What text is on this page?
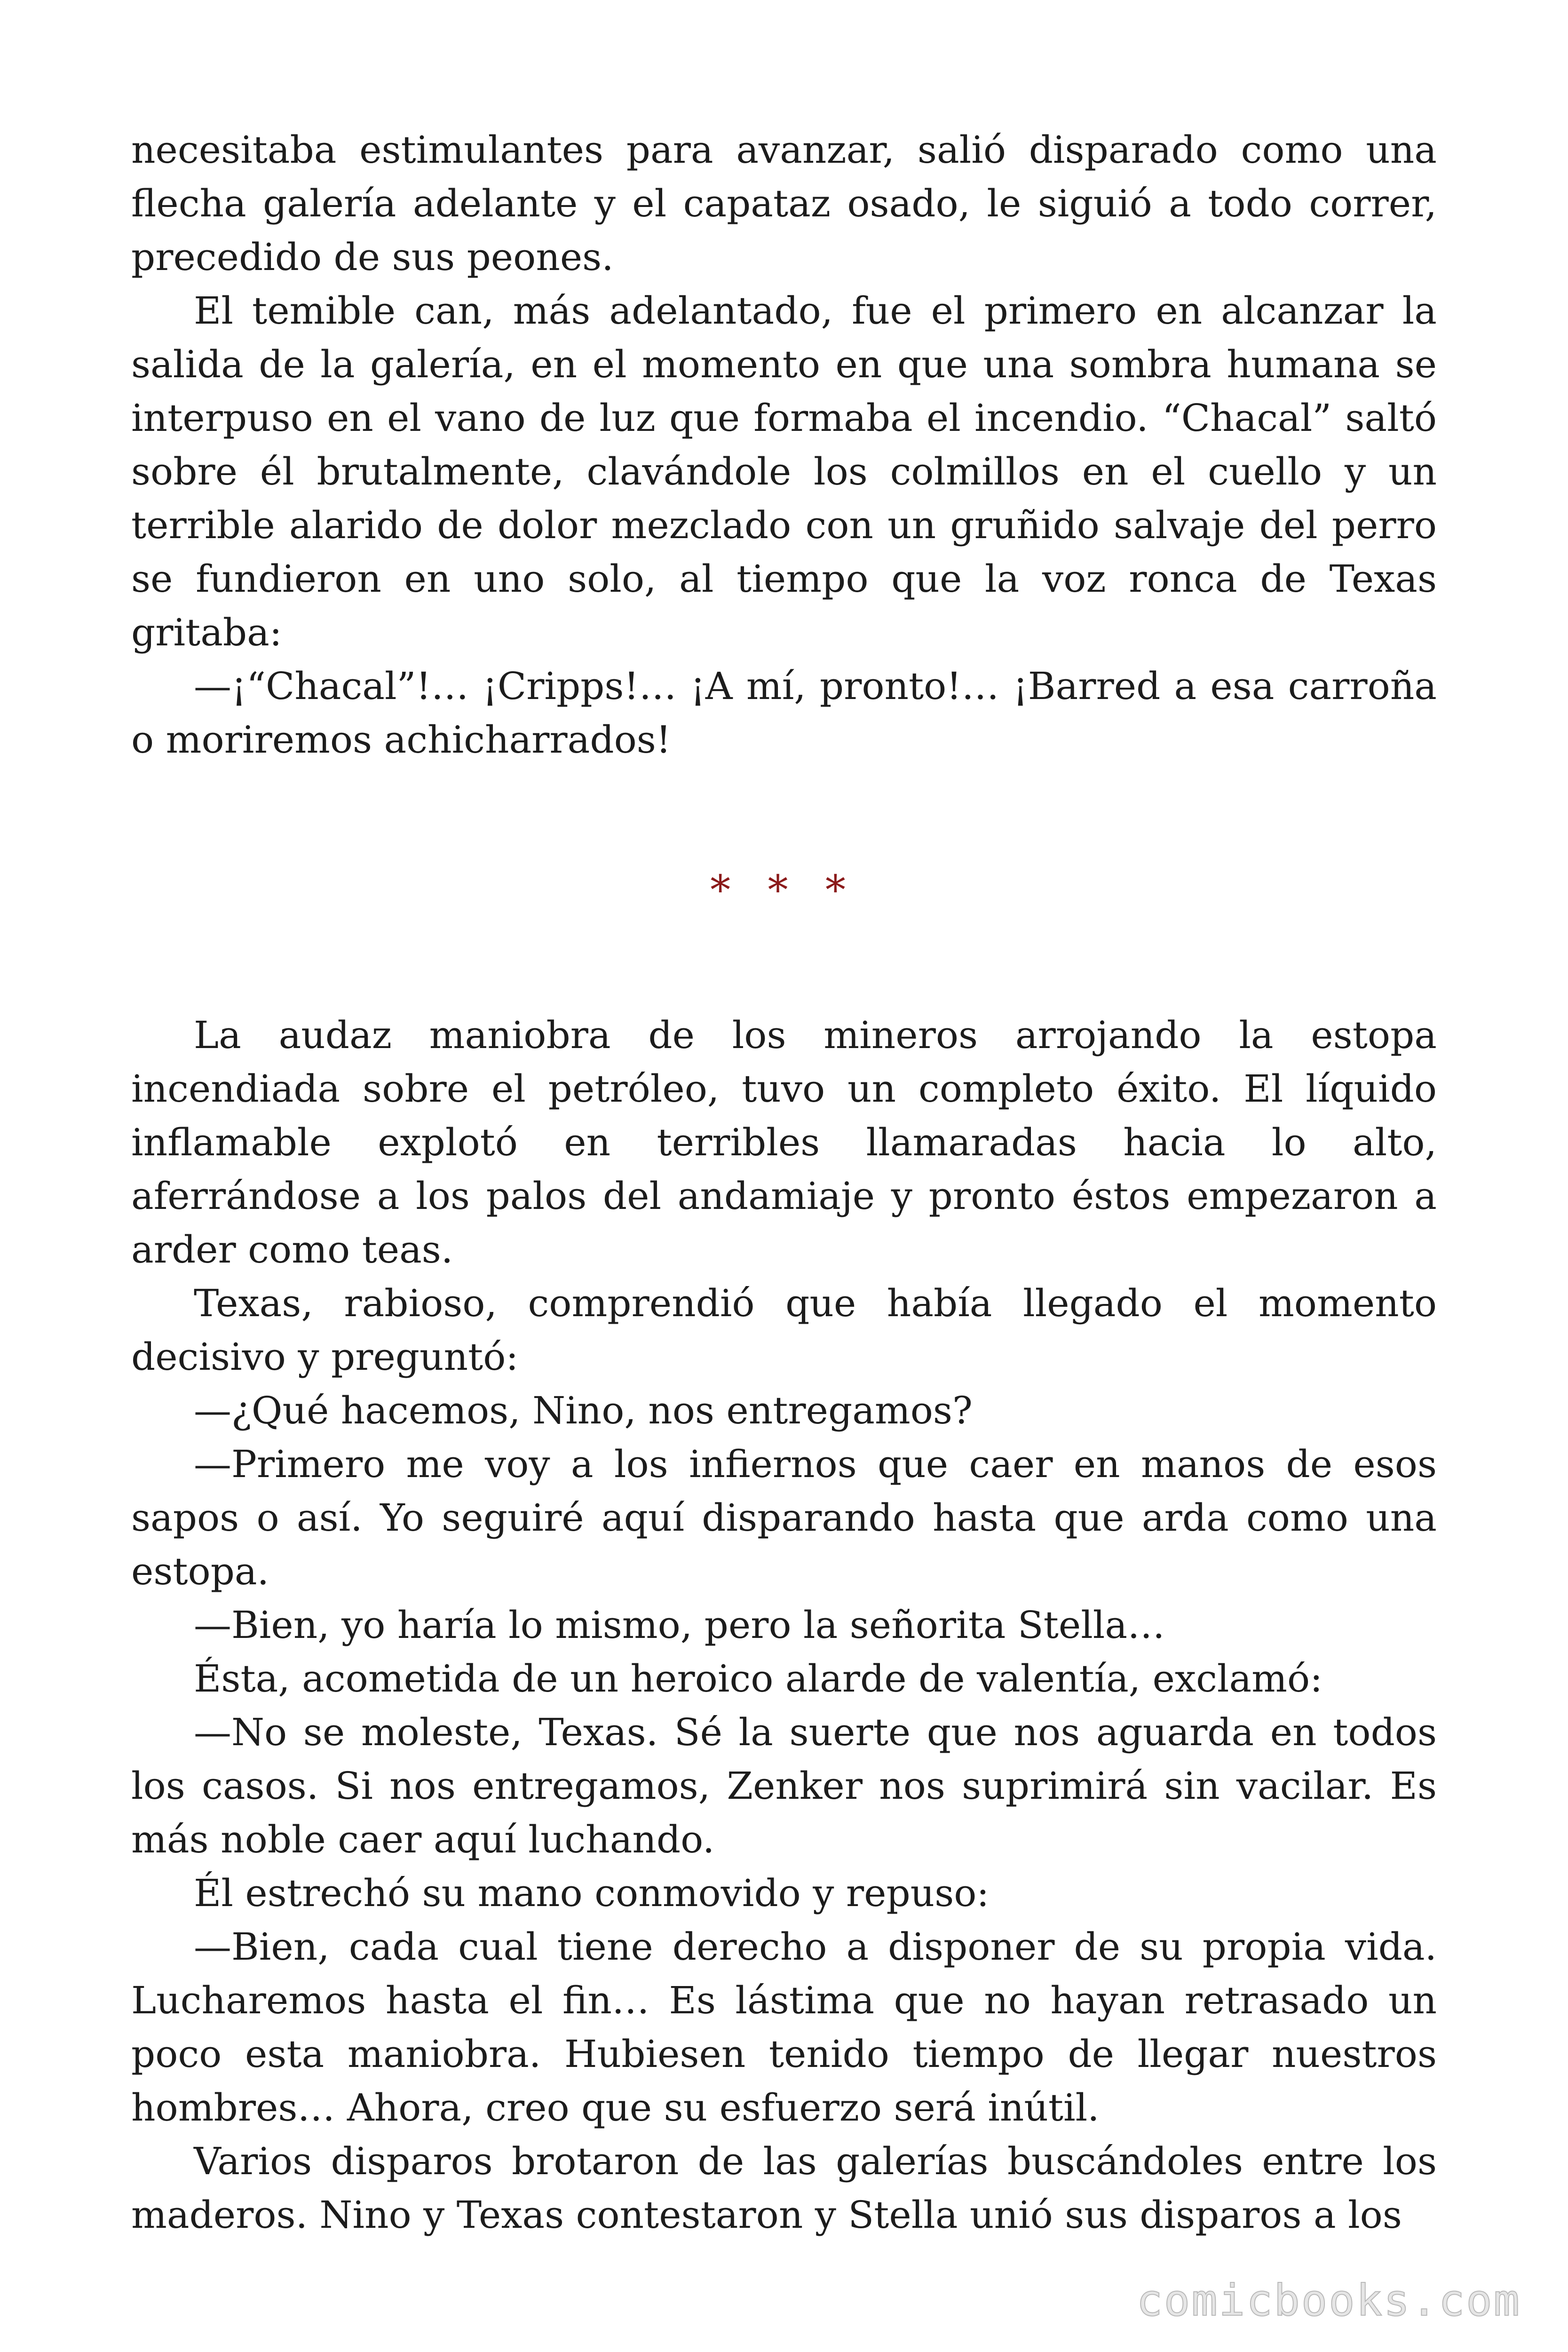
necesitaba estimulantes para avanzar, salió disparado como una flecha galería adelante y el capataz osado, le siguió a todo correr, precedido de sus peones.

El temible can, más adelantado, fue el primero en alcanzar la salida de la galería, en el momento en que una sombra humana se interpuso en el vano de luz que formaba el incendio. “Chacal” saltó sobre él brutalmente, clavándole los colmillos en el cuello y un terrible alarido de dolor mezclado con un gruñido salvaje del perro se fundieron en uno solo, al tiempo que la voz ronca de Texas gritaba:

—¡“Chacal”!… ¡Cripps!… ¡A mí, pronto!… ¡Barred a esa carroña o moriremos achicharrados!

* * *

La audaz maniobra de los mineros arrojando la estopa incendiada sobre el petróleo, tuvo un completo éxito. El líquido inflamable explotó en terribles llamaradas hacia lo alto, aferrándose a los palos del andamiaje y pronto éstos empezaron a arder como teas.

Texas, rabioso, comprendió que había llegado el momento decisivo y preguntó:

—¿Qué hacemos, Nino, nos entregamos?

—Primero me voy a los infiernos que caer en manos de esos sapos o así. Yo seguiré aquí disparando hasta que arda como una estopa.

—Bien, yo haría lo mismo, pero la señorita Stella…

Ésta, acometida de un heroico alarde de valentía, exclamó:

—No se moleste, Texas. Sé la suerte que nos aguarda en todos los casos. Si nos entregamos, Zenker nos suprimirá sin vacilar. Es más noble caer aquí luchando.

Él estrechó su mano conmovido y repuso:

—Bien, cada cual tiene derecho a disponer de su propia vida. Lucharemos hasta el fin… Es lástima que no hayan retrasado un poco esta maniobra. Hubiesen tenido tiempo de llegar nuestros hombres… Ahora, creo que su esfuerzo será inútil.

Varios disparos brotaron de las galerías buscándoles entre los maderos. Nino y Texas contestaron y Stella unió sus disparos a los

comicbooks.com
